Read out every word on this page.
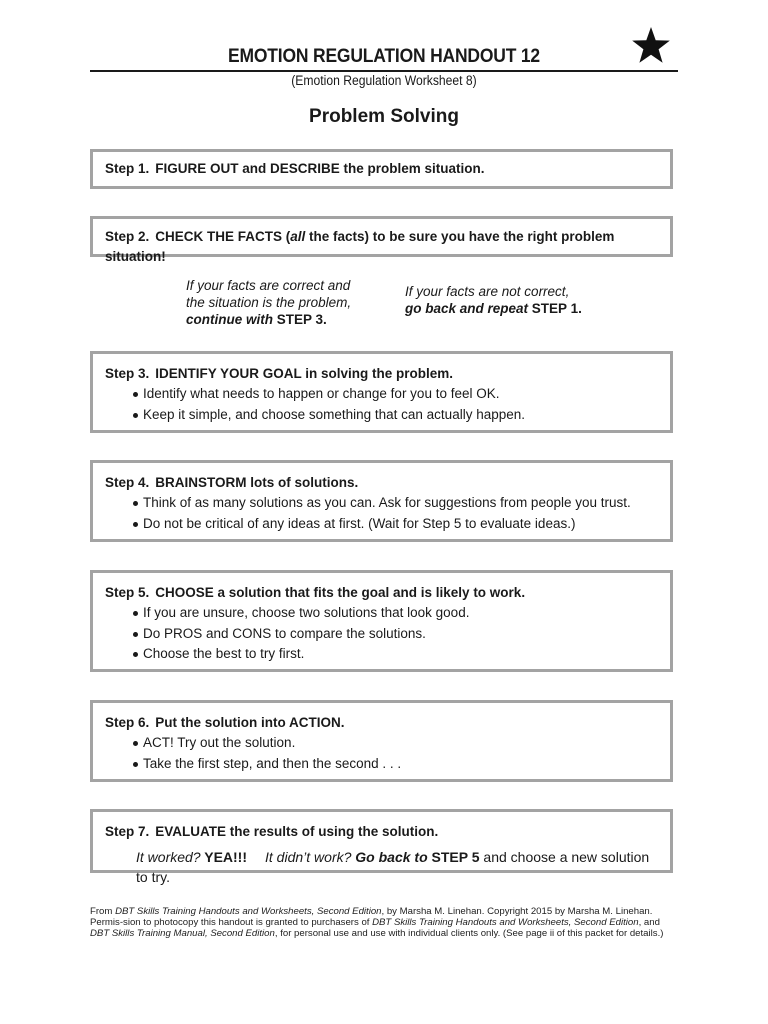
EMOTION REGULATION HANDOUT 12
(Emotion Regulation Worksheet 8)
Problem Solving
Step 1. FIGURE OUT and DESCRIBE the problem situation.
Step 2. CHECK THE FACTS (all the facts) to be sure you have the right problem situation!
If your facts are correct and
the situation is the problem,
continue with STEP 3.
If your facts are not correct,
go back and repeat STEP 1.
Step 3. IDENTIFY YOUR GOAL in solving the problem.
Identify what needs to happen or change for you to feel OK.
Keep it simple, and choose something that can actually happen.
Step 4. BRAINSTORM lots of solutions.
Think of as many solutions as you can. Ask for suggestions from people you trust.
Do not be critical of any ideas at first. (Wait for Step 5 to evaluate ideas.)
Step 5. CHOOSE a solution that fits the goal and is likely to work.
If you are unsure, choose two solutions that look good.
Do PROS and CONS to compare the solutions.
Choose the best to try first.
Step 6. Put the solution into ACTION.
ACT! Try out the solution.
Take the first step, and then the second . . .
Step 7. EVALUATE the results of using the solution.
It worked? YEA!!! It didn’t work? Go back to STEP 5 and choose a new solution to try.
From DBT Skills Training Handouts and Worksheets, Second Edition, by Marsha M. Linehan. Copyright 2015 by Marsha M. Linehan. Permis-sion to photocopy this handout is granted to purchasers of DBT Skills Training Handouts and Worksheets, Second Edition, and DBT Skills Training Manual, Second Edition, for personal use and use with individual clients only. (See page ii of this packet for details.)
